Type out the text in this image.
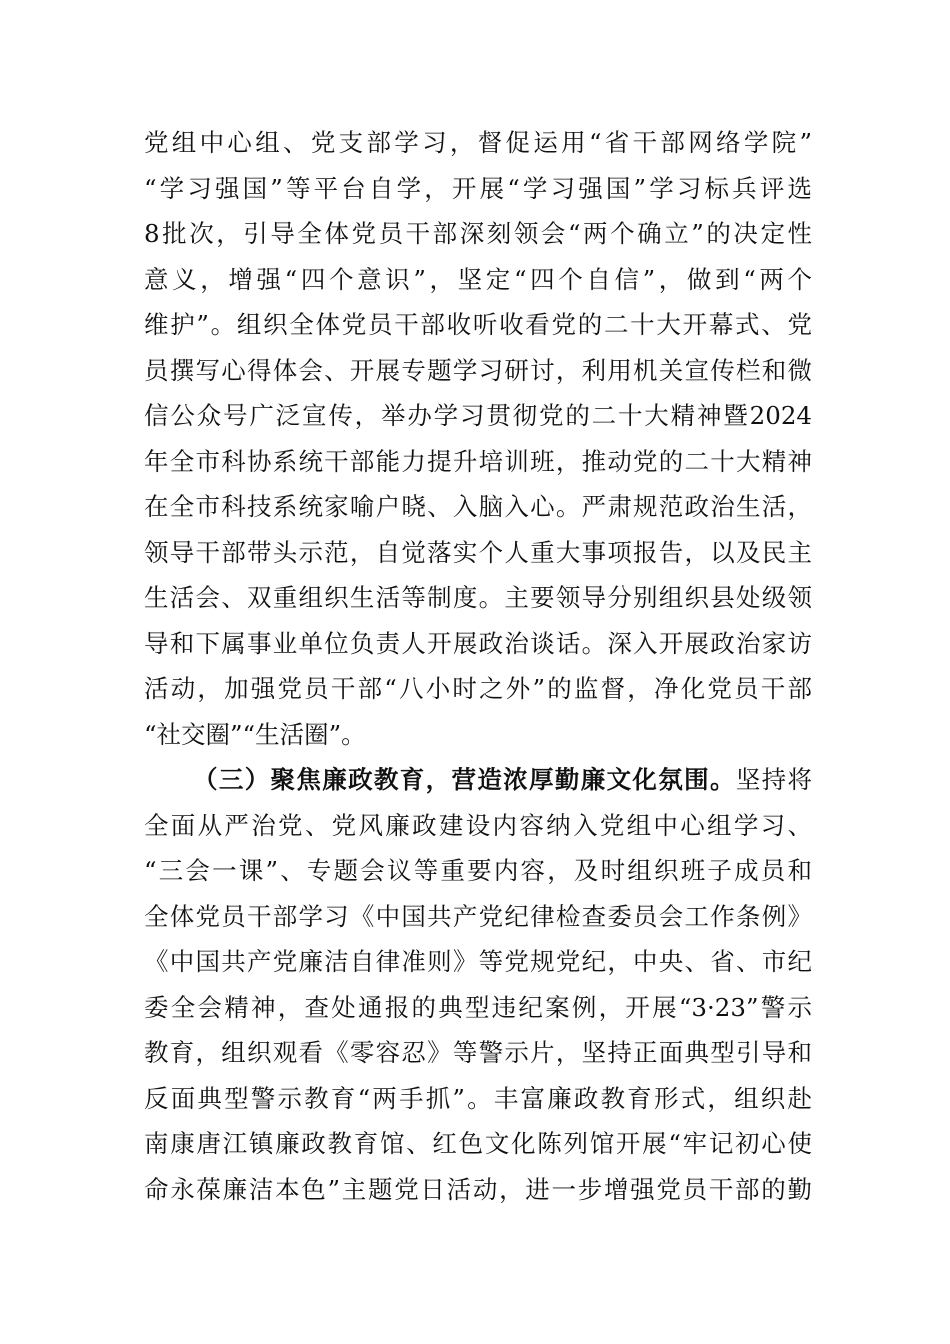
党组中心组、党支部学习，督促运用“省干部网络学院”
“学习强国”等平台自学，开展“学习强国”学习标兵评选
8批次，引导全体党员干部深刻领会“两个确立”的决定性
意义，增强“四个意识”，坚定“四个自信”，做到“两个
维护”。组织全体党员干部收听收看党的二十大开幕式、党
员撰写心得体会、开展专题学习研讨，利用机关宣传栏和微
信公众号广泛宣传，举办学习贯彻党的二十大精神暨2024
年全市科协系统干部能力提升培训班，推动党的二十大精神
在全市科技系统家喻户晓、入脑入心。严肃规范政治生活，
领导干部带头示范，自觉落实个人重大事项报告，以及民主
生活会、双重组织生活等制度。主要领导分别组织县处级领
导和下属事业单位负责人开展政治谈话。深入开展政治家访
活动，加强党员干部“八小时之外”的监督，净化党员干部
“社交圈”“生活圈”。
（三）聚焦廉政教育，营造浓厚勤廉文化氛围。坚持将
全面从严治党、党风廉政建设内容纳入党组中心组学习、
“三会一课”、专题会议等重要内容，及时组织班子成员和
全体党员干部学习《中国共产党纪律检查委员会工作条例》
《中国共产党廉洁自律准则》等党规党纪，中央、省、市纪
委全会精神，查处通报的典型违纪案例，开展“3·23”警示
教育，组织观看《零容忍》等警示片，坚持正面典型引导和
反面典型警示教育“两手抓”。丰富廉政教育形式，组织赴
南康唐江镇廉政教育馆、红色文化陈列馆开展“牢记初心使
命永葆廉洁本色”主题党日活动，进一步增强党员干部的勤
